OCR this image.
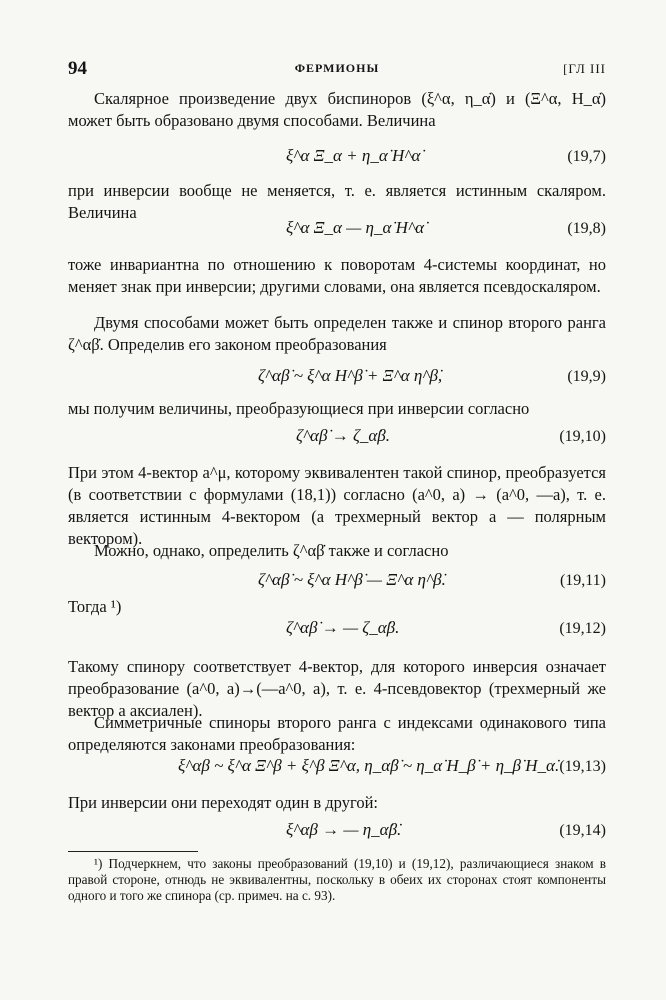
94	ФЕРМИОНЫ	[ГЛ III

Скалярное произведение двух биспиноров (ξ^α, η_α̇) и (Ξ^α, H_α̇) может быть образовано двумя способами. Величина

ξ^α Ξ_α + η_α̇ H^α̇	(19,7)

при инверсии вообще не меняется, т. е. является истинным скаляром. Величина

ξ^α Ξ_α — η_α̇ H^α̇	(19,8)

тоже инвариантна по отношению к поворотам 4-системы координат, но меняет знак при инверсии; другими словами, она является псевдоскаляром.

Двумя способами может быть определен также и спинор второго ранга ζ^αβ̇. Определив его законом преобразования

ζ^αβ̇ ~ ξ^α H^β̇ + Ξ^α η^β̇,	(19,9)

мы получим величины, преобразующиеся при инверсии согласно

ζ^αβ̇ → ζ_α̇β.	(19,10)

При этом 4-вектор a^μ, которому эквивалентен такой спинор, преобразуется (в соответствии с формулами (18,1)) согласно (a^0, a) → (a^0, —a), т. е. является истинным 4-вектором (а трехмерный вектор a — полярным вектором).

Можно, однако, определить ζ^αβ̇ также и согласно

ζ^αβ̇ ~ ξ^α H^β̇ — Ξ^α η^β̇.	(19,11)

Тогда ¹)

ζ^αβ̇ → — ζ_α̇β.	(19,12)

Такому спинору соответствует 4-вектор, для которого инверсия означает преобразование (a^0, a)→(—a^0, a), т. е. 4-псевдовектор (трехмерный же вектор a аксиален).

Симметричные спиноры второго ранга с индексами одинакового типа определяются законами преобразования:

ξ^αβ ~ ξ^α Ξ^β + ξ^β Ξ^α, η_α̇β̇ ~ η_α̇ H_β̇ + η_β̇ H_α̇. (19,13)

При инверсии они переходят один в другой:

ξ^αβ → — η_α̇β̇.	(19,14)

¹) Подчеркнем, что законы преобразований (19,10) и (19,12), различающиеся знаком в правой стороне, отнюдь не эквивалентны, поскольку в обеих их сторонах стоят компоненты одного и того же спинора (ср. примеч. на с. 93).
